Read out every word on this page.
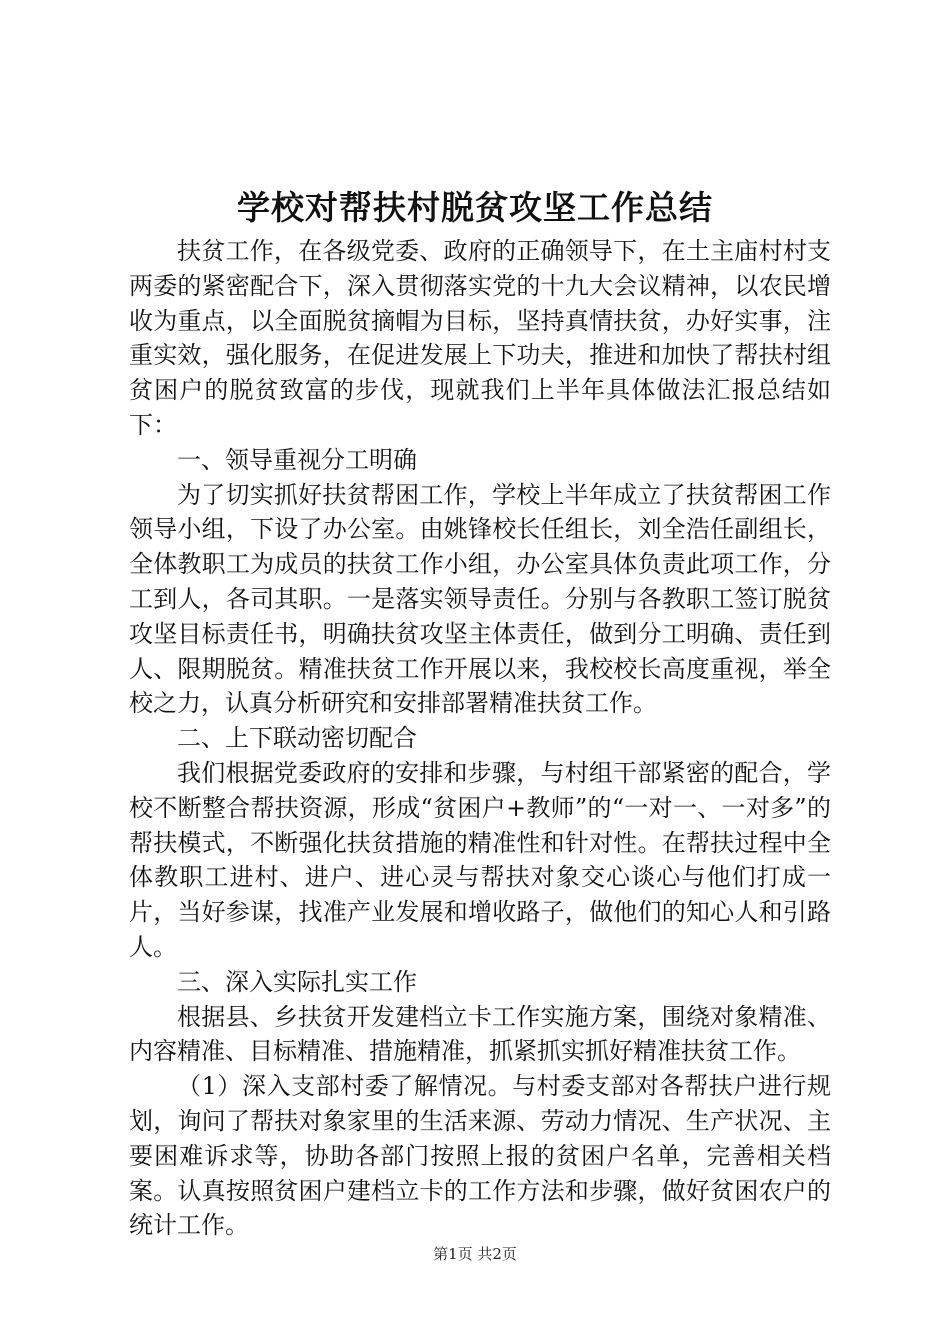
学校对帮扶村脱贫攻坚工作总结

扶贫工作，在各级党委、政府的正确领导下，在土主庙村村支两委的紧密配合下，深入贯彻落实党的十九大会议精神，以农民增收为重点，以全面脱贫摘帽为目标，坚持真情扶贫，办好实事，注重实效，强化服务，在促进发展上下功夫，推进和加快了帮扶村组贫困户的脱贫致富的步伐，现就我们上半年具体做法汇报总结如下：

一、领导重视分工明确

为了切实抓好扶贫帮困工作，学校上半年成立了扶贫帮困工作领导小组，下设了办公室。由姚锋校长任组长，刘全浩任副组长，全体教职工为成员的扶贫工作小组，办公室具体负责此项工作，分工到人，各司其职。一是落实领导责任。分别与各教职工签订脱贫攻坚目标责任书，明确扶贫攻坚主体责任，做到分工明确、责任到人、限期脱贫。精准扶贫工作开展以来，我校校长高度重视，举全校之力，认真分析研究和安排部署精准扶贫工作。

二、上下联动密切配合

我们根据党委政府的安排和步骤，与村组干部紧密的配合，学校不断整合帮扶资源，形成“贫困户+教师”的“一对一、一对多”的帮扶模式，不断强化扶贫措施的精准性和针对性。在帮扶过程中全体教职工进村、进户、进心灵与帮扶对象交心谈心与他们打成一片，当好参谋，找准产业发展和增收路子，做他们的知心人和引路人。

三、深入实际扎实工作

根据县、乡扶贫开发建档立卡工作实施方案，围绕对象精准、内容精准、目标精准、措施精准，抓紧抓实抓好精准扶贫工作。

（1）深入支部村委了解情况。与村委支部对各帮扶户进行规划，询问了帮扶对象家里的生活来源、劳动力情况、生产状况、主要困难诉求等，协助各部门按照上报的贫困户名单，完善相关档案。认真按照贫困户建档立卡的工作方法和步骤，做好贫困农户的统计工作。

第1页 共2页
